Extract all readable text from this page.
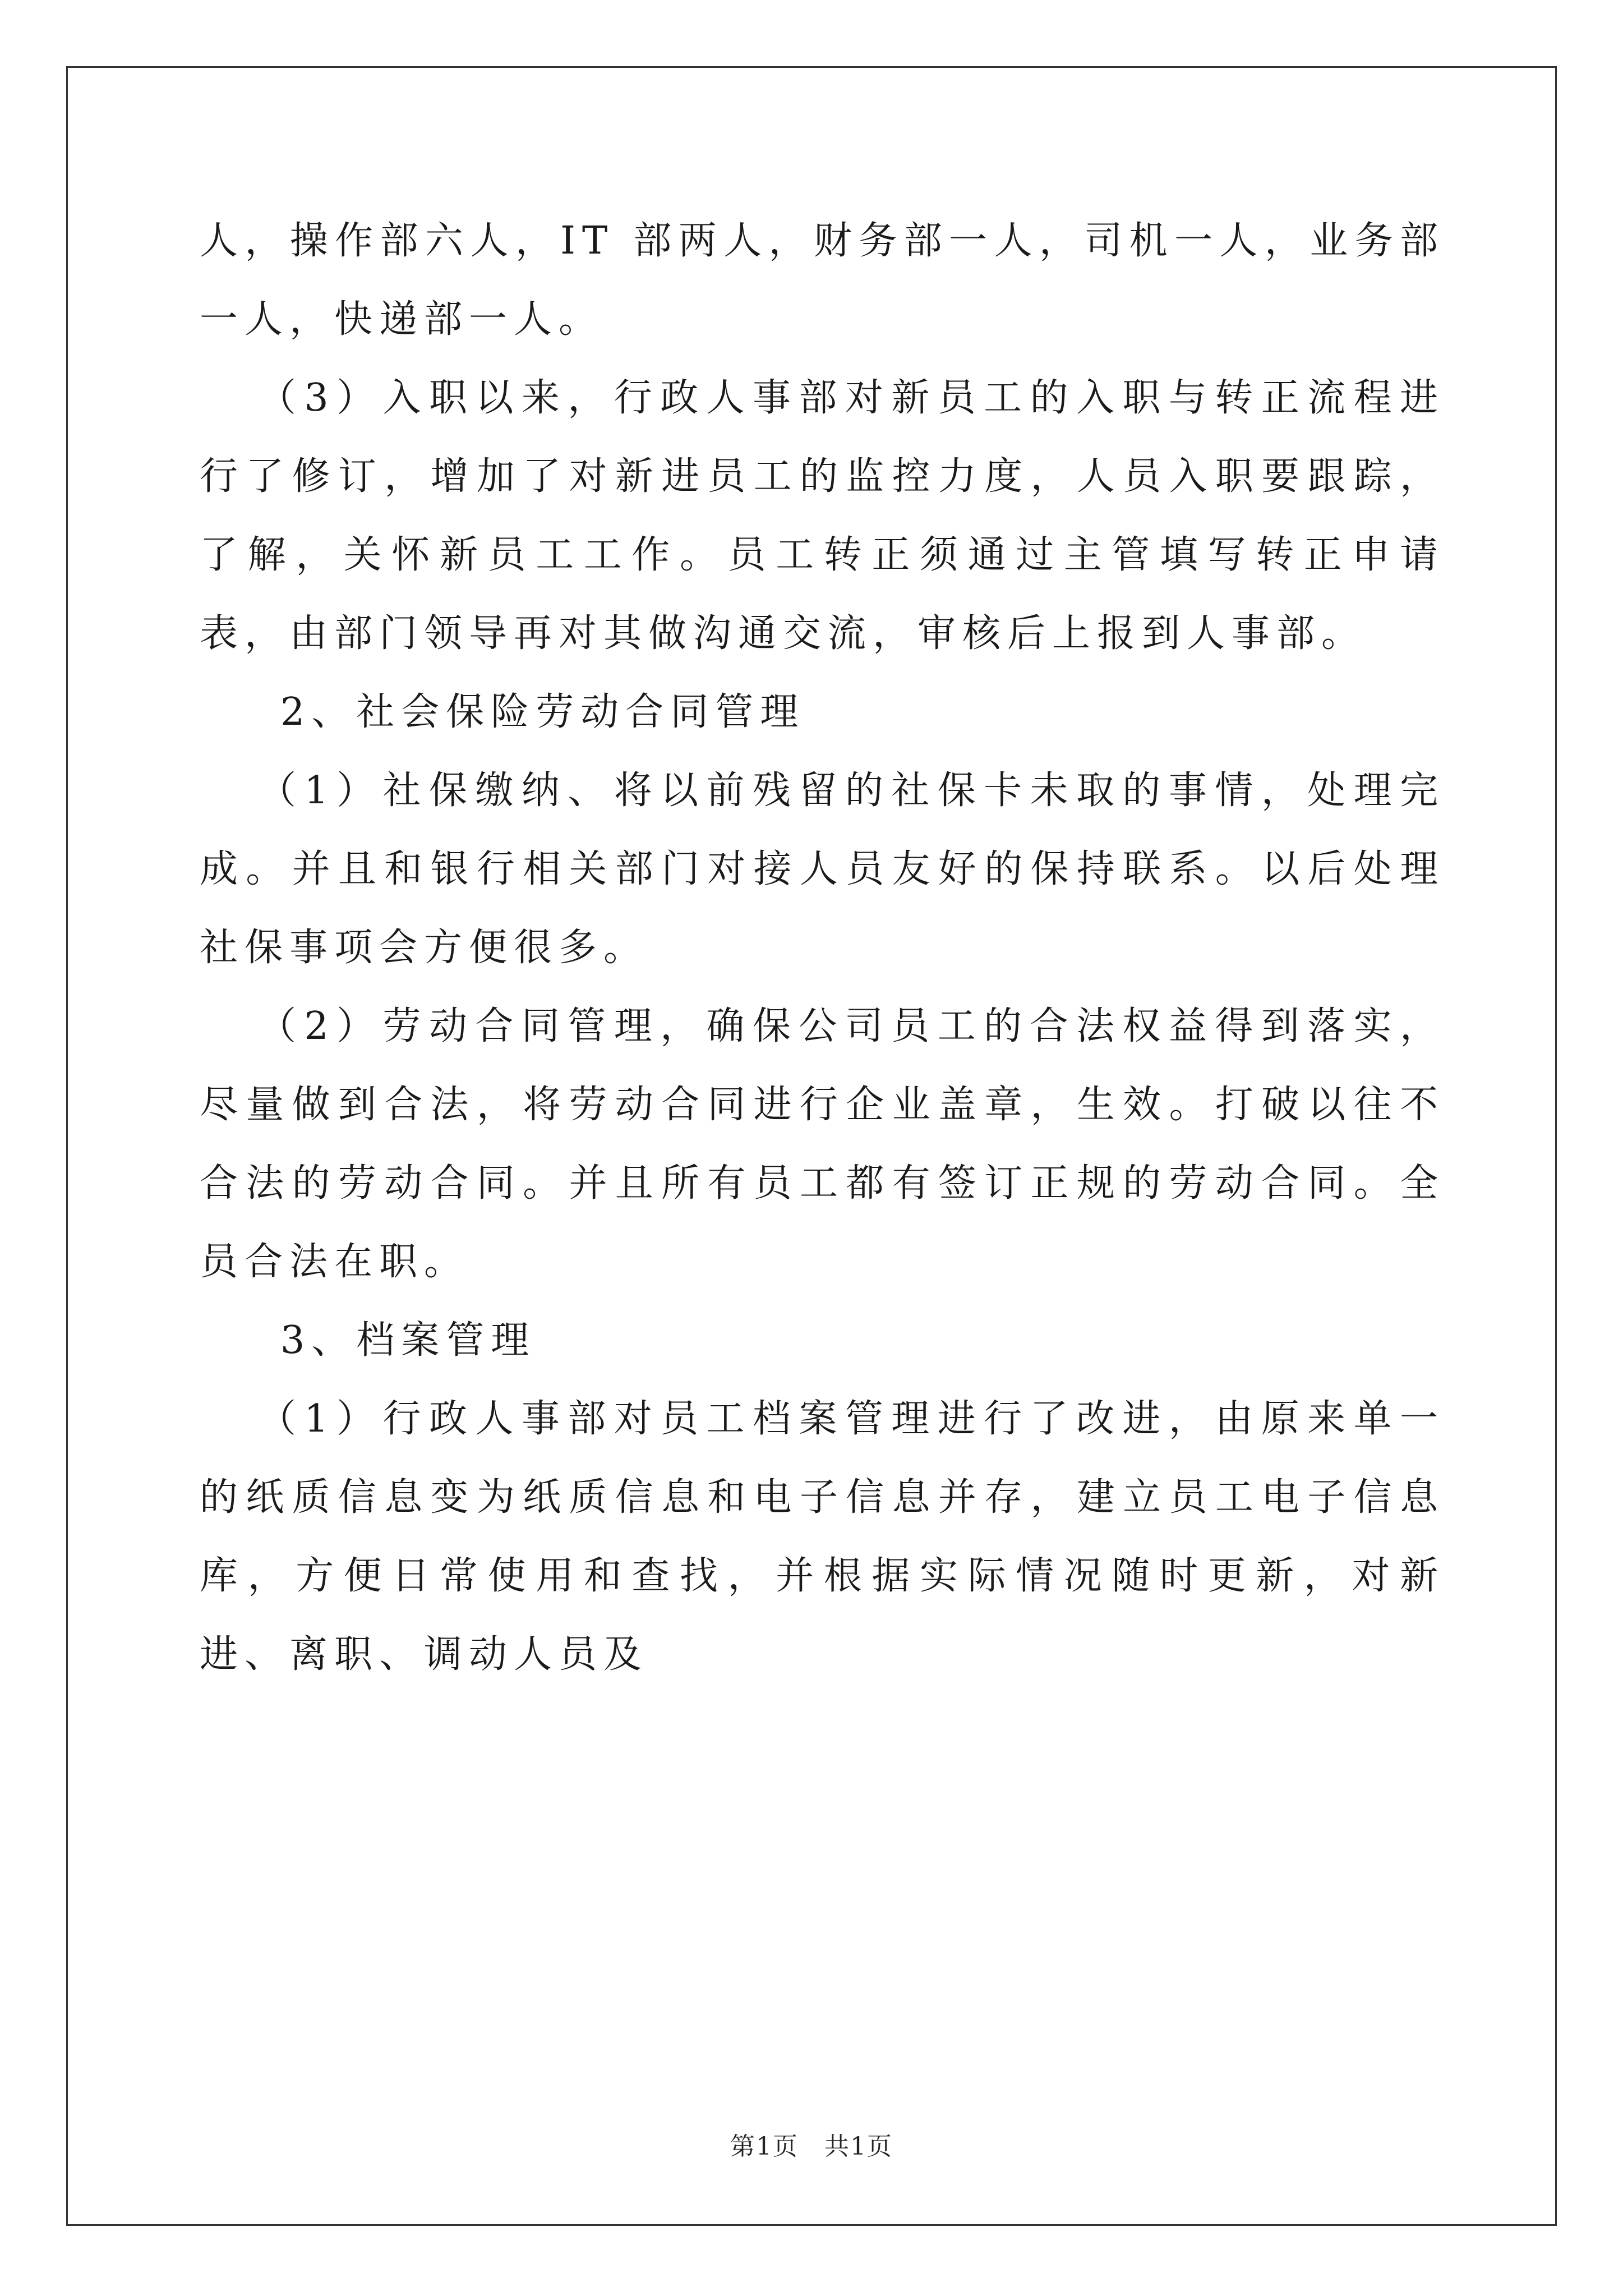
人，操作部六人，IT 部两人，财务部一人，司机一人，业务部一人，快递部一人。

（3）入职以来，行政人事部对新员工的入职与转正流程进行了修订，增加了对新进员工的监控力度，人员入职要跟踪，了解，关怀新员工工作。员工转正须通过主管填写转正申请表，由部门领导再对其做沟通交流，审核后上报到人事部。

2、社会保险劳动合同管理

（1）社保缴纳、将以前残留的社保卡未取的事情，处理完成。并且和银行相关部门对接人员友好的保持联系。以后处理社保事项会方便很多。

（2）劳动合同管理，确保公司员工的合法权益得到落实，尽量做到合法，将劳动合同进行企业盖章，生效。打破以往不合法的劳动合同。并且所有员工都有签订正规的劳动合同。全员合法在职。

3、档案管理

（1）行政人事部对员工档案管理进行了改进，由原来单一的纸质信息变为纸质信息和电子信息并存，建立员工电子信息库，方便日常使用和查找，并根据实际情况随时更新，对新进、离职、调动人员及

第1页　共1页
